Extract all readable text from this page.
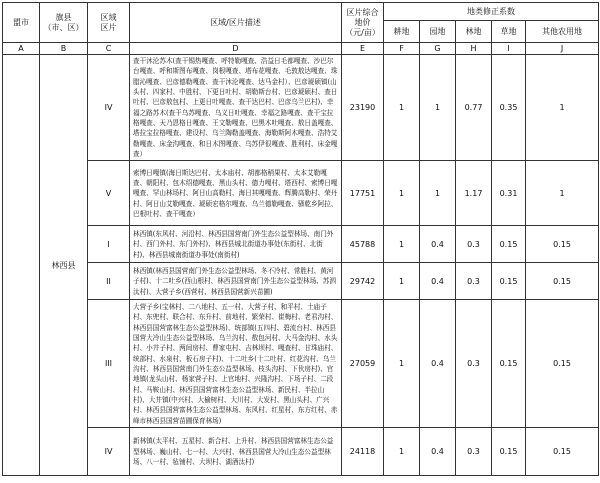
盟市	旗县
（市、区）	区域
区片	区域/区片描述	区片综合
地价
（元/亩）	地类修正系数				
					耕地	园地	林地	草地	其他农用地
A	B	C	D	E	F	G	H	I	J
	林西县	IV	查干沐沦苏木(查干锡热嘎查、呼特勒嘎查、浩益日毛都嘎查、沙巴尔台嘎查、呼和斯图布嘎查、岗根嘎查、塔布花嘎查、毛敦敖达嘎查、珠腊沁嘎查、巴彦德勒嘎查、查干沐沦嘎查、达马金村）、巴彦琥硕镇(山头村、四家村、中胜村、下更日吐村、胡勒斯台村、巴彦琥硕村、查日吐村、巴彦敖包村、上更日吐嘎查、查干达巴村、巴彦乌兰巴村)、幸福之路苏木(查干乌苏嘎查、乌义日吐嘎查、幸福之路嘎查、查干宝拉格嘎查、天乃恩格日嘎查、王文勒嘎查、巴黑木吐嘎查、敖日盖嘎查、塔拉宝拉格嘎查、建设村、乌兰陶勒盖嘎查、海勒斯阿木嘎查、浩特艾勒嘎查、床金沟嘎查、和日木图嘎查、乌苏伊很嘎查、胜利村、床金嘎查）	23190	1	1	0.77	0.35	1
		V	索博日嘎镇(海日斯达巴村、太本庙村、胡都格稍果村、太本艾勒嘎查、朝阳村、包木绍德嘎查、黑山头村、德力嘎村、塔西村、索博日嘎嘎查、罕山林场村、阿日山高勒村、海日其嘎嘎查、辉腾高勒村、荣丹村、阿日山艾勒嘎查、琥硕宏格尔嘎查、乌兰德勒嘎查、骚乾乡阿拉、巴根吐村、查干嘎查）	17751	1	1	1.17	0.31	1
		I	林西镇(东风村、河沿村、林西县国营南门外生态公益型林场、南门外村、西门外村、东门外村)、林西县城北街道办事处(东街村、北街村)、林西县城南街道办事处(南街村)	45788	1	0.4	0.3	0.15	0.15
		II	林西镇(林西县国营南门外生态公益型林场、冬不冷村、常胜村、黄河子村)、十二吐乡(西山根村、林西县国营南门外生态公益型林场、苏泗汰村)、大营子乡(西营村、林西县国营新兴苗圃)	29742	1	0.4	0.3	0.15	0.15
		III	大营子乡(宝林村、二八地村、五一村、大营子村、和平村、土庙子村、东兜村、联合村、东升村、前地村、繁荣村、崔梅村、老君沟村、林西县国营富林生态公益型林场)、统部镇(五四村、碧流台村、林西县国营大冷山生态公益型林场、乌兰沟村、敖包河村、大马金沟村、水头村、小井子村、两间房村、曹家屯村、吉林坝村、嘎查村、甘珠庙村、统部村、水泉村、板石房子村)、十二吐乡(十二吐村、红花沟村、乌兰沟村、林西县国营南门外生态公益型林场、枝头沟村、下伙房村)、官地镇(龙头山村、杨家营子村、上官地村、兴隆沟村、下场子村、二段村、马鞍山村、林西县国营富林生态公益型林场、新民村、半拉山村)、大井镇(中兴村、大榆树村、大川村、大发村、黑山头村、广兴村、林西县国营富林生态公益型林场、东风村、红星村、东方红村、赤峰市林西县国营苗圃保育林场)	27059	1	0.4	0.3	0.15	0.15
		IV	新林镇(太平村、五星村、新合村、上升村、林西县国营富林生态公益型林场、巍山村、七一村、大兴村、林西县国营大冷山生态公益型林场、八一村、毡铺村、大坝村、湖酒汰村)	24118	1	0.4	0.3	0.15	0.15
